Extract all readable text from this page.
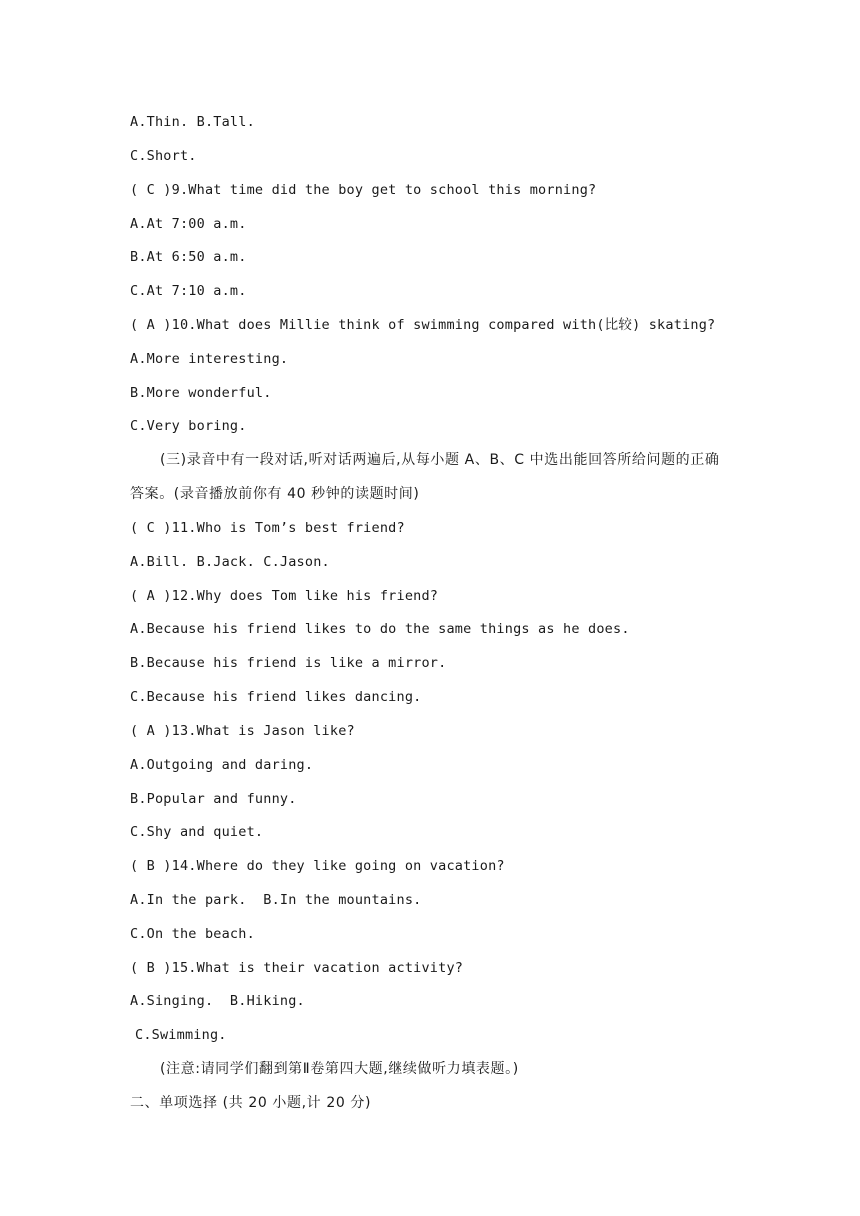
A.Thin. B.Tall.
C.Short.
( C )9.What time did the boy get to school this morning?
A.At 7:00 a.m.
B.At 6:50 a.m.
C.At 7:10 a.m.
( A )10.What does Millie think of swimming compared with(比较) skating?
A.More interesting.
B.More wonderful.
C.Very boring.
(三)录音中有一段对话,听对话两遍后,从每小题 A、B、C 中选出能回答所给问题的正确
答案。(录音播放前你有 40 秒钟的读题时间)
( C )11.Who is Tom’s best friend?
A.Bill. B.Jack. C.Jason.
( A )12.Why does Tom like his friend?
A.Because his friend likes to do the same things as he does.
B.Because his friend is like a mirror.
C.Because his friend likes dancing.
( A )13.What is Jason like?
A.Outgoing and daring.
B.Popular and funny.
C.Shy and quiet.
( B )14.Where do they like going on vacation?
A.In the park.  B.In the mountains.
C.On the beach.
( B )15.What is their vacation activity?
A.Singing.  B.Hiking.
C.Swimming.
(注意:请同学们翻到第Ⅱ卷第四大题,继续做听力填表题。)
二、单项选择 (共 20 小题,计 20 分)
